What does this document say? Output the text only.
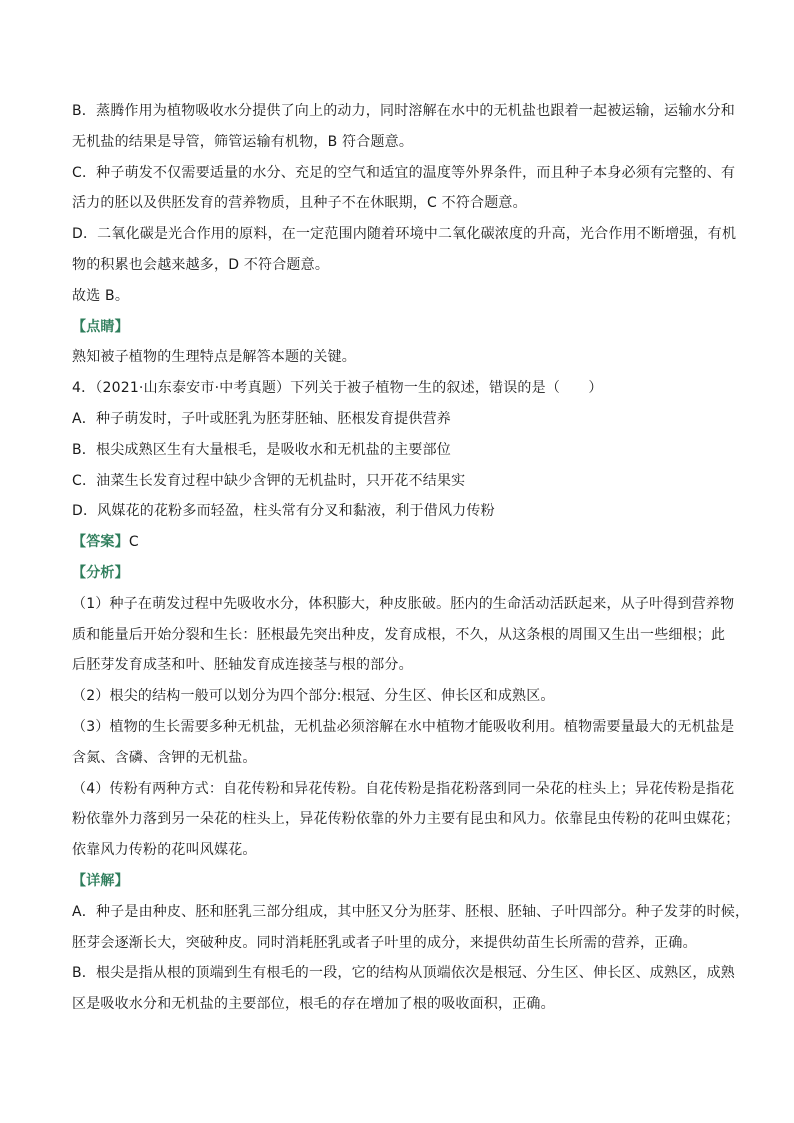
B．蒸腾作用为植物吸收水分提供了向上的动力，同时溶解在水中的无机盐也跟着一起被运输，运输水分和
无机盐的结果是导管，筛管运输有机物，B 符合题意。
C．种子萌发不仅需要适量的水分、充足的空气和适宜的温度等外界条件，而且种子本身必须有完整的、有
活力的胚以及供胚发育的营养物质，且种子不在休眠期，C 不符合题意。
D．二氧化碳是光合作用的原料，在一定范围内随着环境中二氧化碳浓度的升高，光合作用不断增强，有机
物的积累也会越来越多，D 不符合题意。
故选 B。
【点睛】
熟知被子植物的生理特点是解答本题的关键。
4．（2021·山东泰安市·中考真题）下列关于被子植物一生的叙述，错误的是（　　）
A．种子萌发时，子叶或胚乳为胚芽胚轴、胚根发育提供营养
B．根尖成熟区生有大量根毛，是吸收水和无机盐的主要部位
C．油菜生长发育过程中缺少含钾的无机盐时，只开花不结果实
D．风媒花的花粉多而轻盈，柱头常有分叉和黏液，利于借风力传粉
【答案】C
【分析】
（1）种子在萌发过程中先吸收水分，体积膨大，种皮胀破。胚内的生命活动活跃起来，从子叶得到营养物
质和能量后开始分裂和生长：胚根最先突出种皮，发育成根，不久，从这条根的周围又生出一些细根；此
后胚芽发育成茎和叶、胚轴发育成连接茎与根的部分。
（2）根尖的结构一般可以划分为四个部分:根冠、分生区、伸长区和成熟区。
（3）植物的生长需要多种无机盐，无机盐必须溶解在水中植物才能吸收利用。植物需要量最大的无机盐是
含氮、含磷、含钾的无机盐。
（4）传粉有两种方式：自花传粉和异花传粉。自花传粉是指花粉落到同一朵花的柱头上；异花传粉是指花
粉依靠外力落到另一朵花的柱头上，异花传粉依靠的外力主要有昆虫和风力。依靠昆虫传粉的花叫虫媒花；
依靠风力传粉的花叫风媒花。
【详解】
A．种子是由种皮、胚和胚乳三部分组成，其中胚又分为胚芽、胚根、胚轴、子叶四部分。种子发芽的时候，
胚芽会逐渐长大，突破种皮。同时消耗胚乳或者子叶里的成分，来提供幼苗生长所需的营养，正确。
B．根尖是指从根的顶端到生有根毛的一段，它的结构从顶端依次是根冠、分生区、伸长区、成熟区，成熟
区是吸收水分和无机盐的主要部位，根毛的存在增加了根的吸收面积，正确。
